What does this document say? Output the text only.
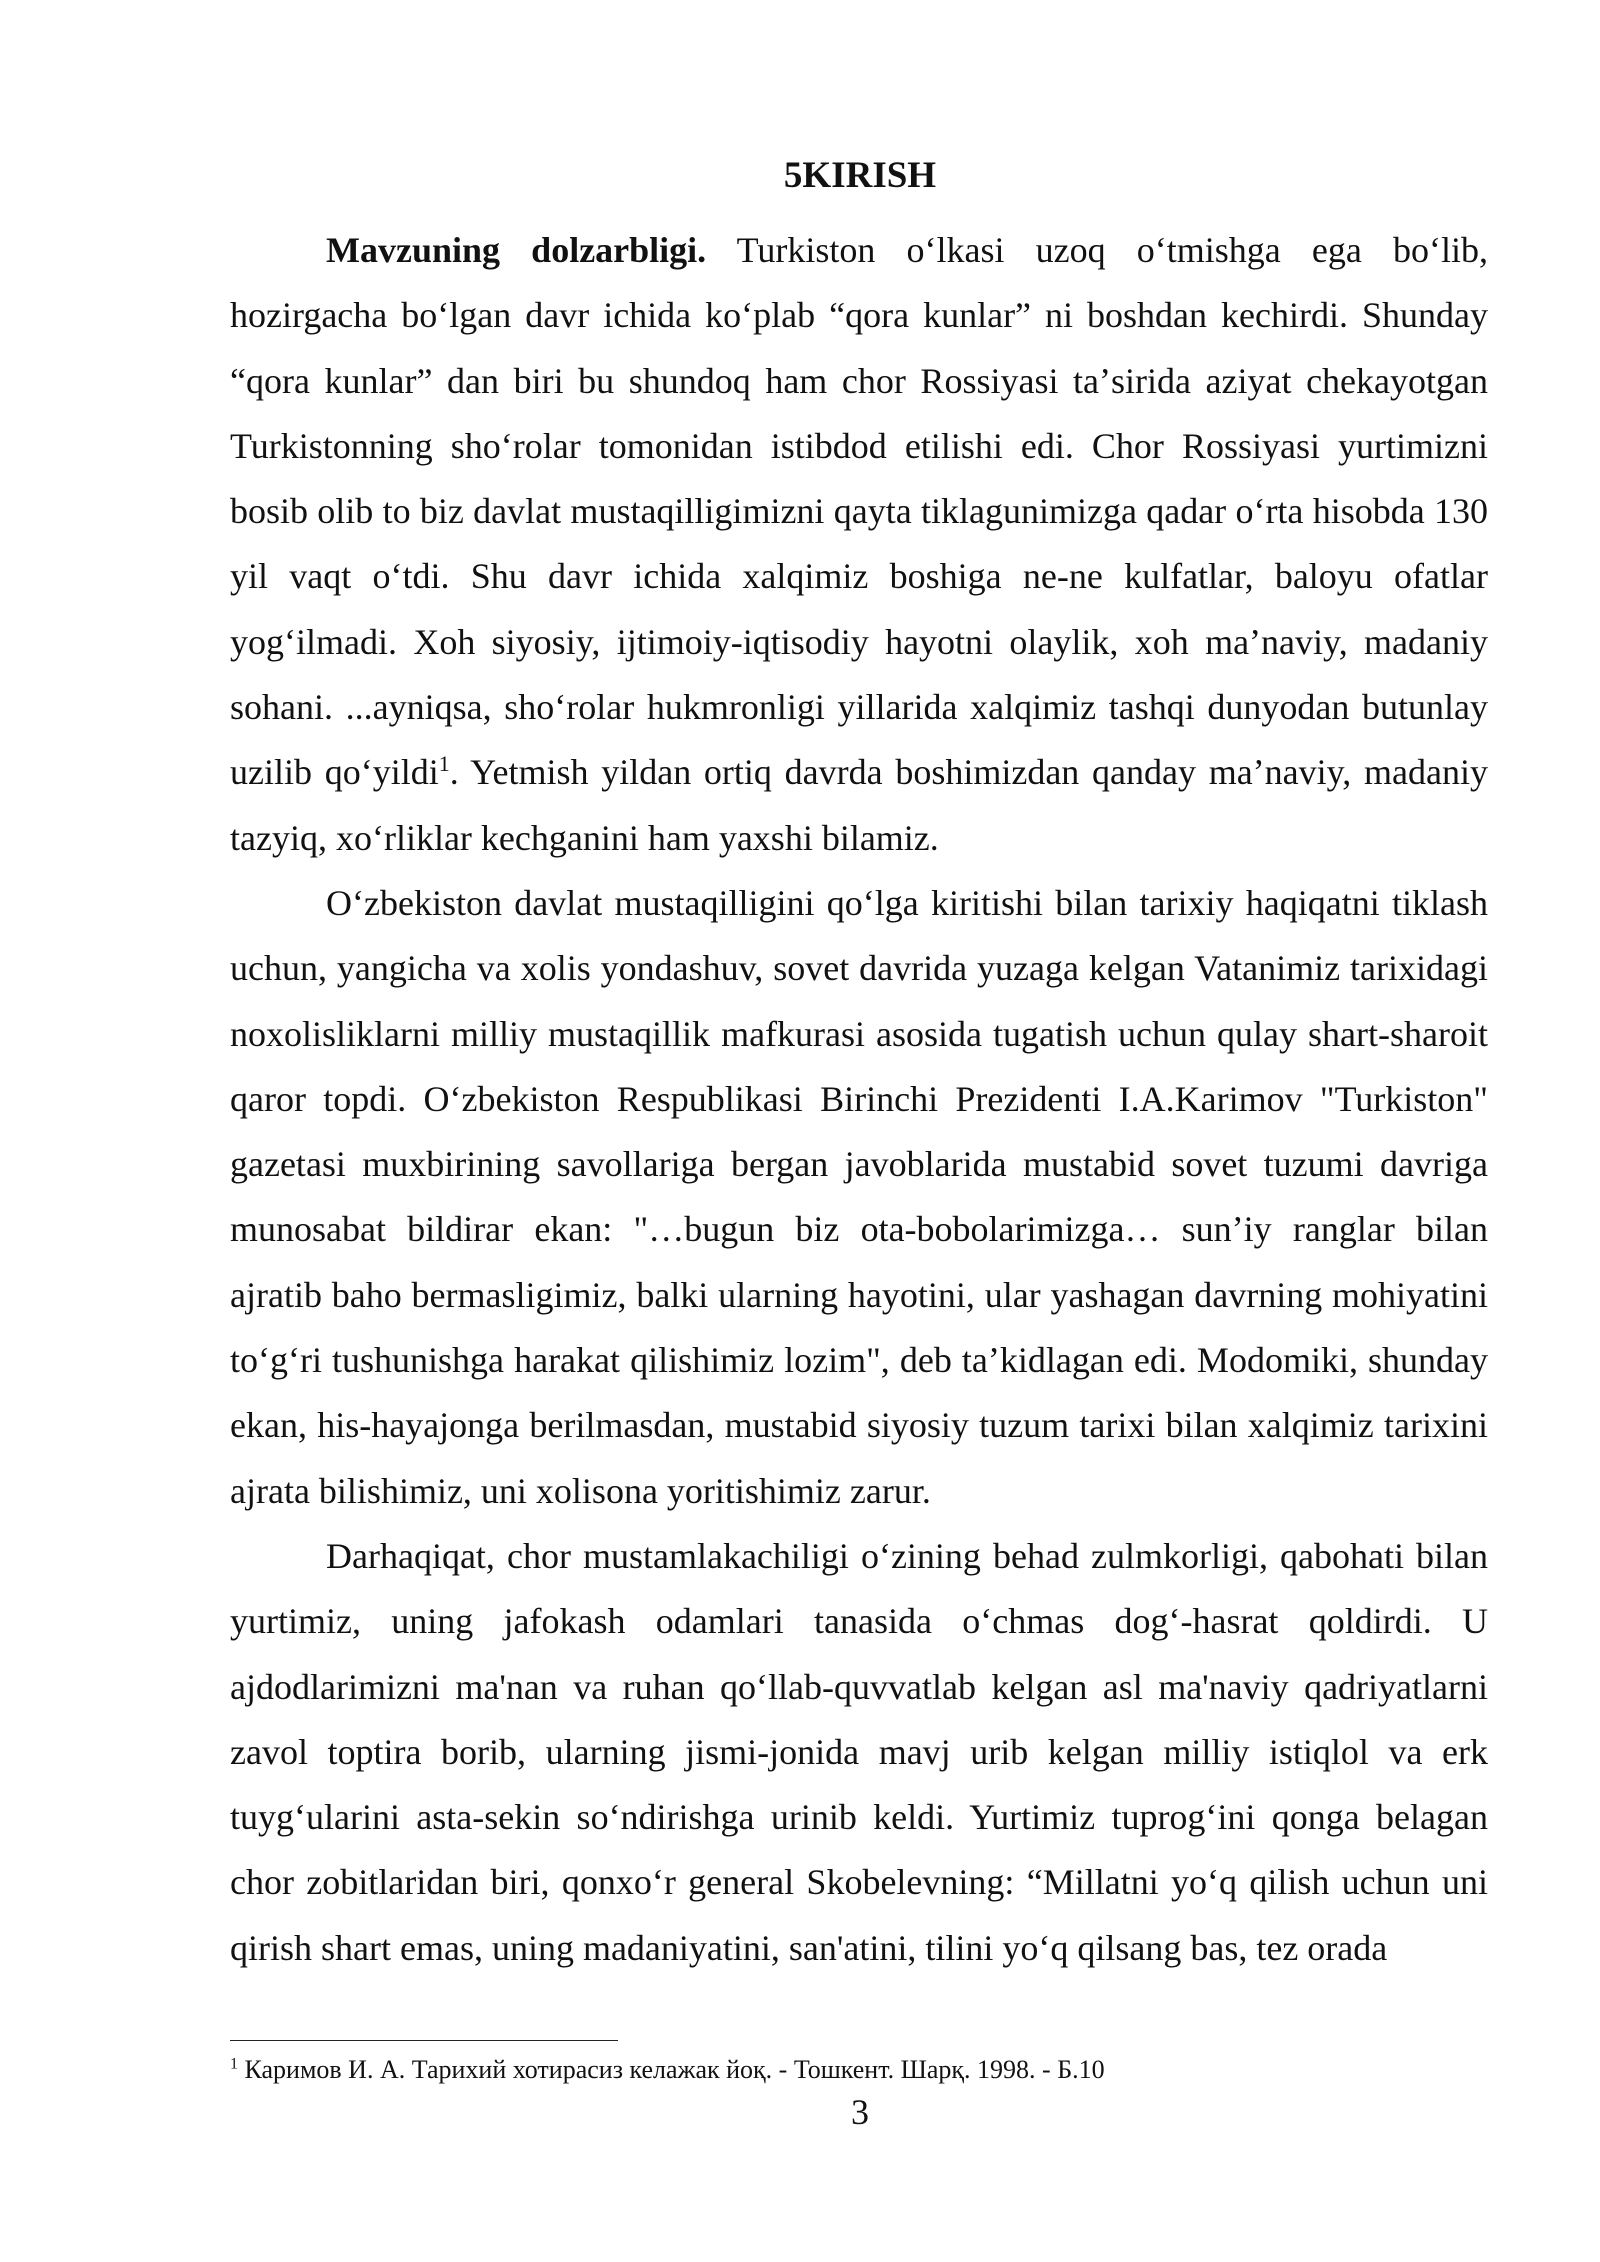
5KIRISH

Mavzuning dolzarbligi. Turkiston oʻlkasi uzoq oʻtmishga ega boʻlib, hozirgacha boʻlgan davr ichida koʻplab “qora kunlar” ni boshdan kechirdi. Shunday “qora kunlar” dan biri bu shundoq ham chor Rossiyasi taʼsirida aziyat chekayotgan Turkistonning shoʻrolar tomonidan istibdod etilishi edi. Chor Rossiyasi yurtimizni bosib olib to biz davlat mustaqilligimizni qayta tiklagunimizga qadar oʻrta hisobda 130 yil vaqt oʻtdi. Shu davr ichida xalqimiz boshiga ne-ne kulfatlar, baloyu ofatlar yogʻilmadi. Xoh siyosiy, ijtimoiy-iqtisodiy hayotni olaylik, xoh maʼnaviy, madaniy sohani. ...ayniqsa, shoʻrolar hukmronligi yillarida xalqimiz tashqi dunyodan butunlay uzilib qoʻyildi$^1$. Yetmish yildan ortiq davrda boshimizdan qanday maʼnaviy, madaniy tazyiq, xoʻrliklar kechganini ham yaxshi bilamiz.

Oʻzbekiston davlat mustaqilligini qoʻlga kiritishi bilan tarixiy haqiqatni tiklash uchun, yangicha va xolis yondashuv, sovet davrida yuzaga kelgan Vatanimiz tarixidagi noxolisliklarni milliy mustaqillik mafkurasi asosida tugatish uchun qulay shart-sharoit qaror topdi. Oʻzbekiston Respublikasi Birinchi Prezidenti I.A.Karimov "Turkiston" gazetasi muxbirining savollariga bergan javoblarida mustabid sovet tuzumi davriga munosabat bildirar ekan: "…bugun biz ota-bobolarimizga… sunʼiy ranglar bilan ajratib baho bermasligimiz, balki ularning hayotini, ular yashagan davrning mohiyatini toʻgʻri tushunishga harakat qilishimiz lozim", deb taʼkidlagan edi. Modomiki, shunday ekan, his-hayajonga berilmasdan, mustabid siyosiy tuzum tarixi bilan xalqimiz tarixini ajrata bilishimiz, uni xolisona yoritishimiz zarur.

Darhaqiqat, chor mustamlakachiligi oʻzining behad zulmkorligi, qabohati bilan yurtimiz, uning jafokash odamlari tanasida oʻchmas dogʻ-hasrat qoldirdi. U ajdodlarimizni ma'nan va ruhan qoʻllab-quvvatlab kelgan asl ma'naviy qadriyatlarni zavol toptira borib, ularning jismi-jonida mavj urib kelgan milliy istiqlol va erk tuygʻularini asta-sekin soʻndirishga urinib keldi. Yurtimiz tuprogʻini qonga belagan chor zobitlaridan biri, qonxoʻr general Skobelevning: “Millatni yoʻq qilish uchun uni qirish shart emas, uning madaniyatini, san'atini, tilini yoʻq qilsang bas, tez orada

$^1$ Каримов И. А. Тарихий хотирасиз келажак йоқ. - Тошкент. Шарқ. 1998. - Б.10

3
